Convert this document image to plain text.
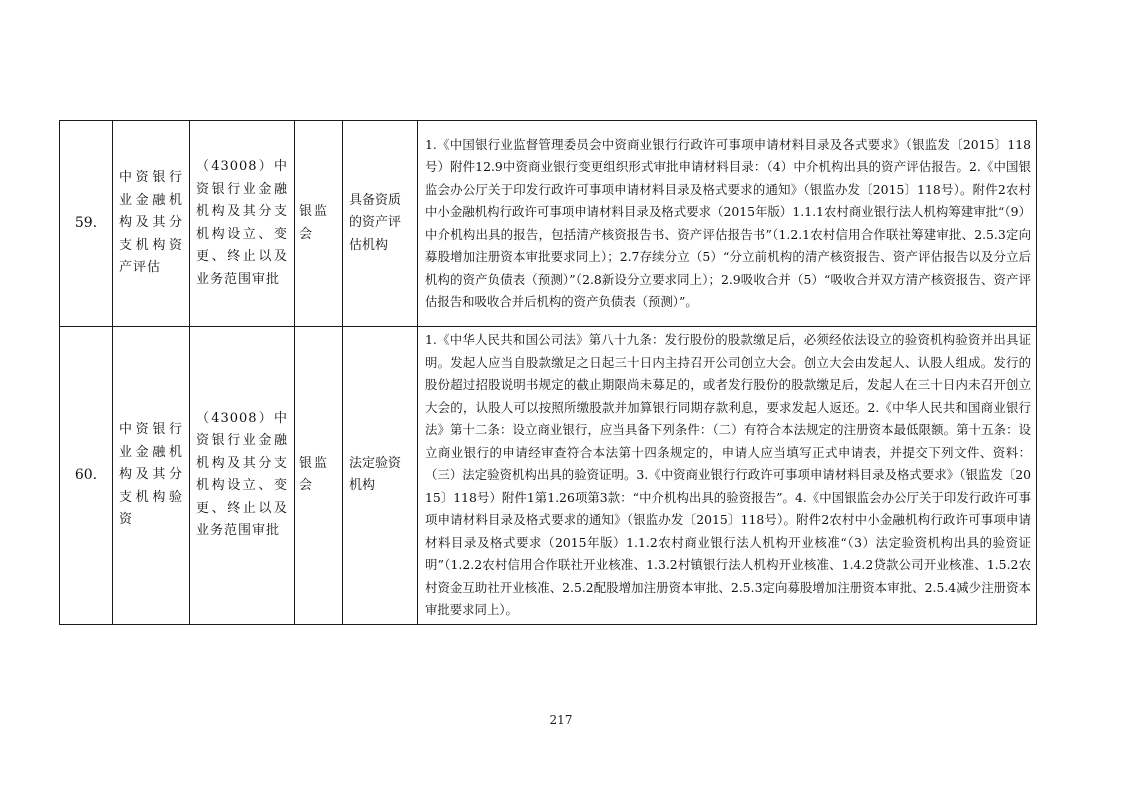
59.	中资银行业金融机构及其分支机构资产评估	（43008）中资银行业金融机构及其分支机构设立、变更、终止以及业务范围审批	银监会	具备资质的资产评估机构	1.《中国银行业监督管理委员会中资商业银行行政许可事项申请材料目录及各式要求》（银监发〔2015〕118号）附件12.9中资商业银行变更组织形式审批申请材料目录：（4）中介机构出具的资产评估报告。2.《中国银监会办公厅关于印发行政许可事项申请材料目录及格式要求的通知》（银监办发〔2015〕118号）。附件2农村中小金融机构行政许可事项申请材料目录及格式要求（2015年版）1.1.1农村商业银行法人机构筹建审批“（9）中介机构出具的报告，包括清产核资报告书、资产评估报告书”（1.2.1农村信用合作联社筹建审批、2.5.3定向募股增加注册资本审批要求同上）；2.7存续分立（5）“分立前机构的清产核资报告、资产评估报告以及分立后机构的资产负债表（预测）”（2.8新设分立要求同上）；2.9吸收合并（5）“吸收合并双方清产核资报告、资产评估报告和吸收合并后机构的资产负债表（预测）”。
60.	中资银行业金融机构及其分支机构验资	（43008）中资银行业金融机构及其分支机构设立、变更、终止以及业务范围审批	银监会	法定验资机构	1.《中华人民共和国公司法》第八十九条：发行股份的股款缴足后，必须经依法设立的验资机构验资并出具证明。发起人应当自股款缴足之日起三十日内主持召开公司创立大会。创立大会由发起人、认股人组成。发行的股份超过招股说明书规定的截止期限尚未募足的，或者发行股份的股款缴足后，发起人在三十日内未召开创立大会的，认股人可以按照所缴股款并加算银行同期存款利息，要求发起人返还。2.《中华人民共和国商业银行法》第十二条：设立商业银行，应当具备下列条件：（二）有符合本法规定的注册资本最低限额。第十五条：设立商业银行的申请经审查符合本法第十四条规定的，申请人应当填写正式申请表，并提交下列文件、资料：（三）法定验资机构出具的验资证明。3.《中资商业银行行政许可事项申请材料目录及格式要求》（银监发〔2015〕118号）附件1第1.26项第3款：“中介机构出具的验资报告”。4.《中国银监会办公厅关于印发行政许可事项申请材料目录及格式要求的通知》（银监办发〔2015〕118号）。附件2农村中小金融机构行政许可事项申请材料目录及格式要求（2015年版）1.1.2农村商业银行法人机构开业核准“（3）法定验资机构出具的验资证明”（1.2.2农村信用合作联社开业核准、1.3.2村镇银行法人机构开业核准、1.4.2贷款公司开业核准、1.5.2农村资金互助社开业核准、2.5.2配股增加注册资本审批、2.5.3定向募股增加注册资本审批、2.5.4减少注册资本审批要求同上）。
217
